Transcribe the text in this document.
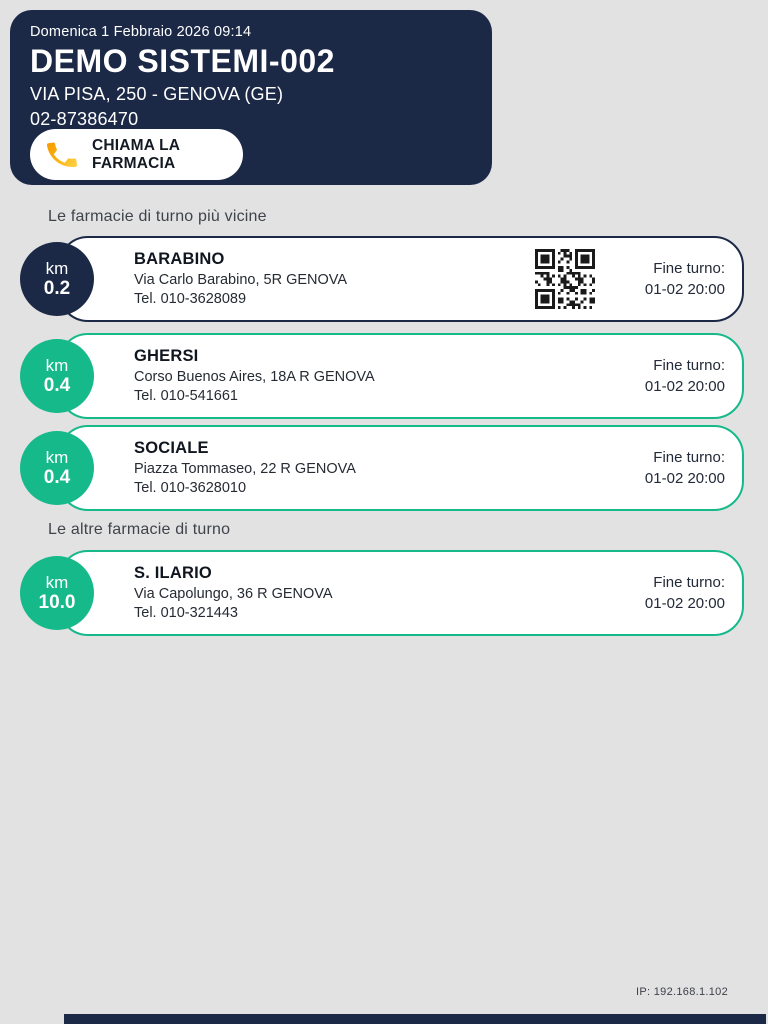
Domenica 1 Febbraio 2026 09:14
DEMO SISTEMI-002
VIA PISA, 250 - GENOVA (GE)
02-87386470
CHIAMA LA
FARMACIA
Le farmacie di turno più vicine
km
0.2
BARABINO
Via Carlo Barabino, 5R GENOVA
Tel. 010-3628089
Fine turno:
01-02 20:00
km
0.4
GHERSI
Corso Buenos Aires, 18A R GENOVA
Tel. 010-541661
Fine turno:
01-02 20:00
km
0.4
SOCIALE
Piazza Tommaseo, 22 R GENOVA
Tel. 010-3628010
Fine turno:
01-02 20:00
Le altre farmacie di turno
km
10.0
S. ILARIO
Via Capolungo, 36 R GENOVA
Tel. 010-321443
Fine turno:
01-02 20:00
IP: 192.168.1.102
